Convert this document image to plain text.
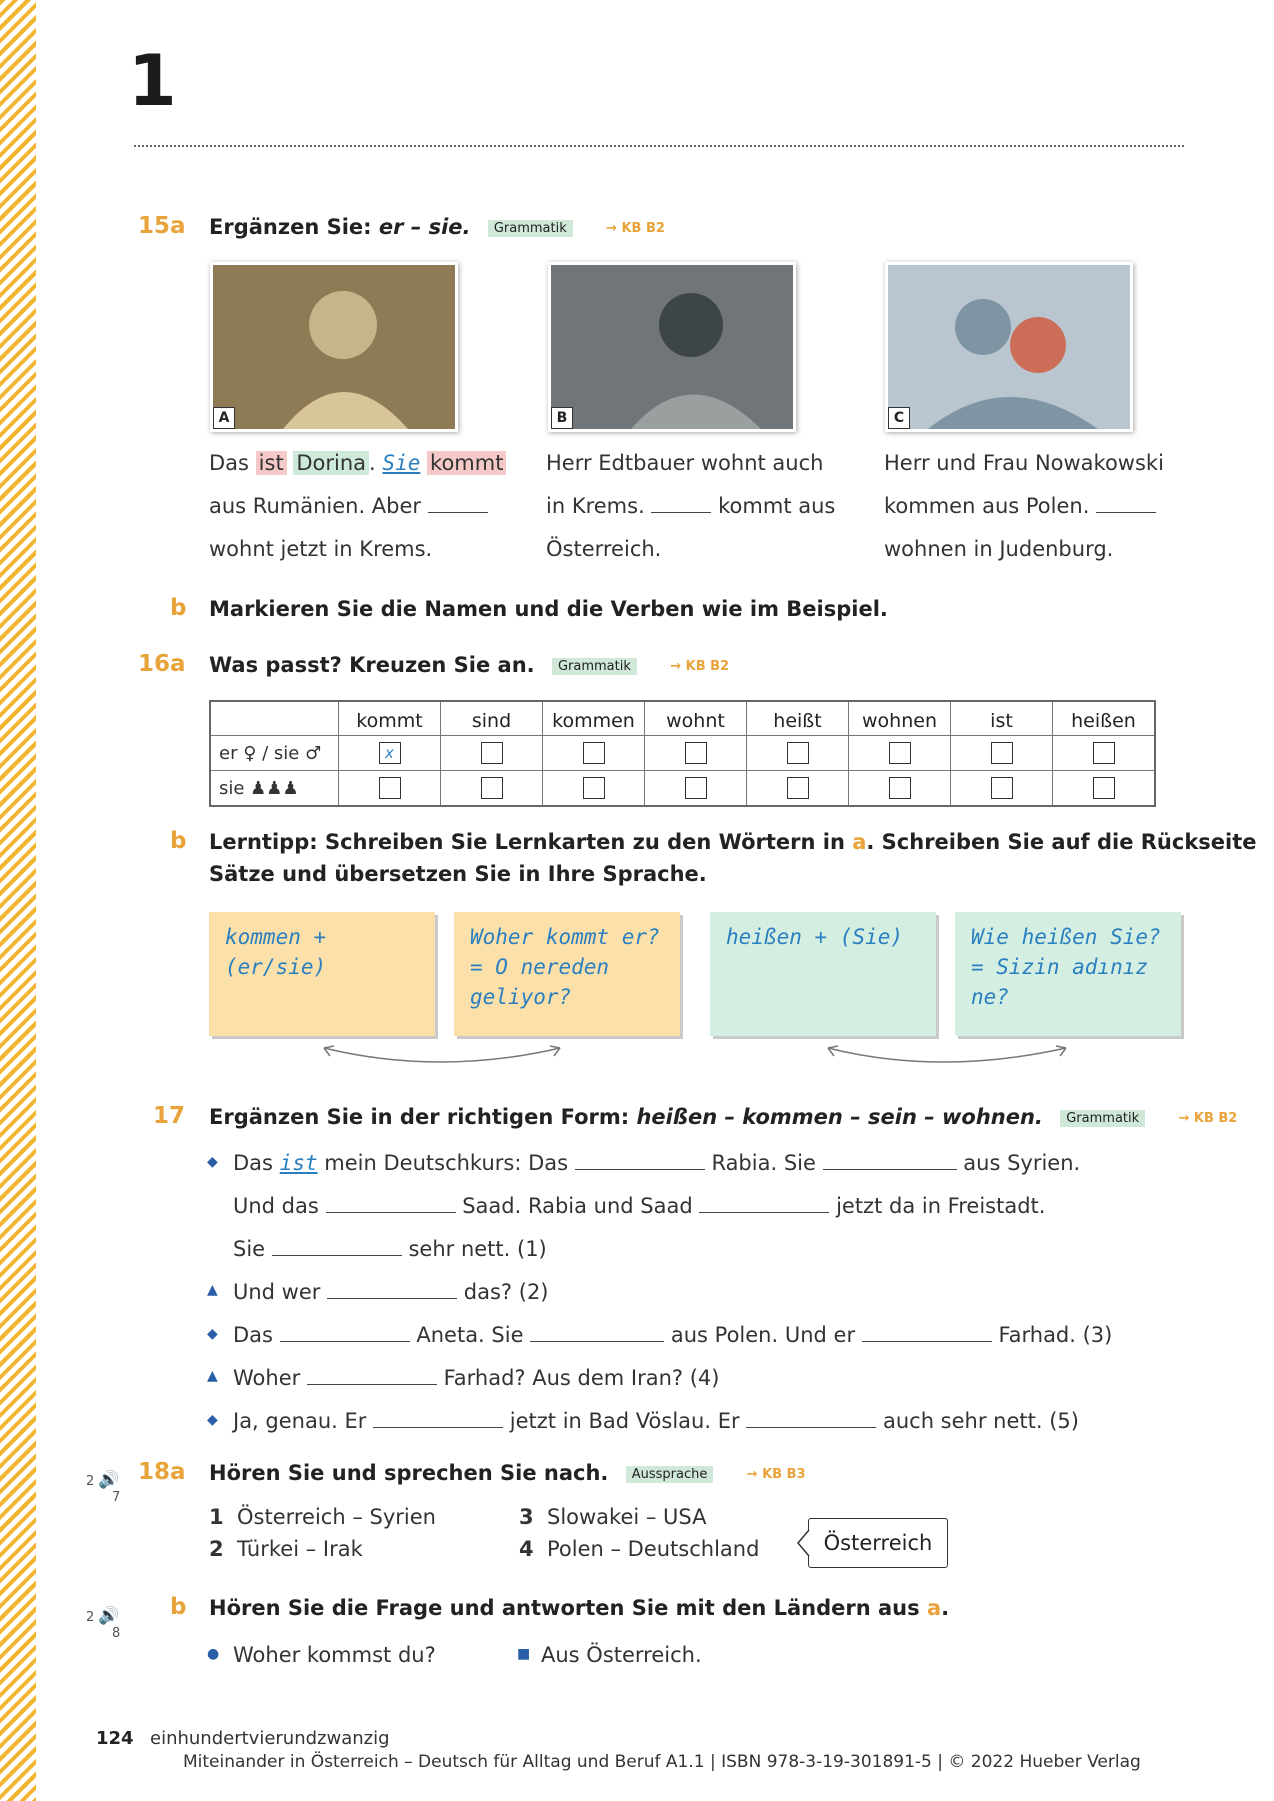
1
15a Ergänzen Sie: er – sie. Grammatik	→ KB B2
A	B	C
Das ist Dorina . Sie kommt
aus Rumänien. Aber
wohnt jetzt in Krems.
Herr Edtbauer wohnt auch
in Krems.	kommt aus
Österreich.
Herr und Frau Nowakowski
kommen aus Polen.
wohnen in Judenburg.
b Markieren Sie die Namen und die Verben wie im Beispiel.
16a Was passt? Kreuzen Sie an. Grammatik	→ KB B2
	kommt	sind	kommen	wohnt	heißt	wohnen	ist	heißen
er ♀ / sie ♂	x							

sie ♟♟♟	

b Lerntipp: Schreiben Sie Lernkarten zu den Wörtern in a. Schreiben Sie auf die Rückseite
Sätze und übersetzen Sie in Ihre Sprache.
kommen + (er/sie)
Woher kommt er?
= O nereden
geliyor?
heißen + (Sie)	Wie heißen Sie?
= Sizin adınız ne?
17 Ergänzen Sie in der richtigen Form: heißen – kommen – sein – wohnen. Grammatik	→ KB B2
◆ Das ist mein Deutschkurs: Das	Rabia. Sie	aus Syrien.
Und das	Saad. Rabia und Saad	jetzt da in Freistadt.
Sie	sehr nett. (1)
▲ Und wer	das? (2)
◆ Das	Aneta. Sie	aus Polen. Und er	Farhad. (3)
▲ Woher	Farhad? Aus dem Iran? (4)
◆ Ja, genau. Er	jetzt in Bad Vöslau. Er	auch sehr nett. (5)
2 🔊
7
18a Hören Sie und sprechen Sie nach. Aussprache	→ KB B3
1 Österreich – Syrien
2 Türkei – Irak
3 Slowakei – USA
4 Polen – Deutschland	Österreich
2 🔊
8
b Hören Sie die Frage und antworten Sie mit den Ländern aus a.
● Woher kommst du?	■ Aus Österreich.
124 einhundertvierundzwanzig
Miteinander in Österreich – Deutsch für Alltag und Beruf A1.1 | ISBN 978-3-19-301891-5 | © 2022 Hueber Verlag
